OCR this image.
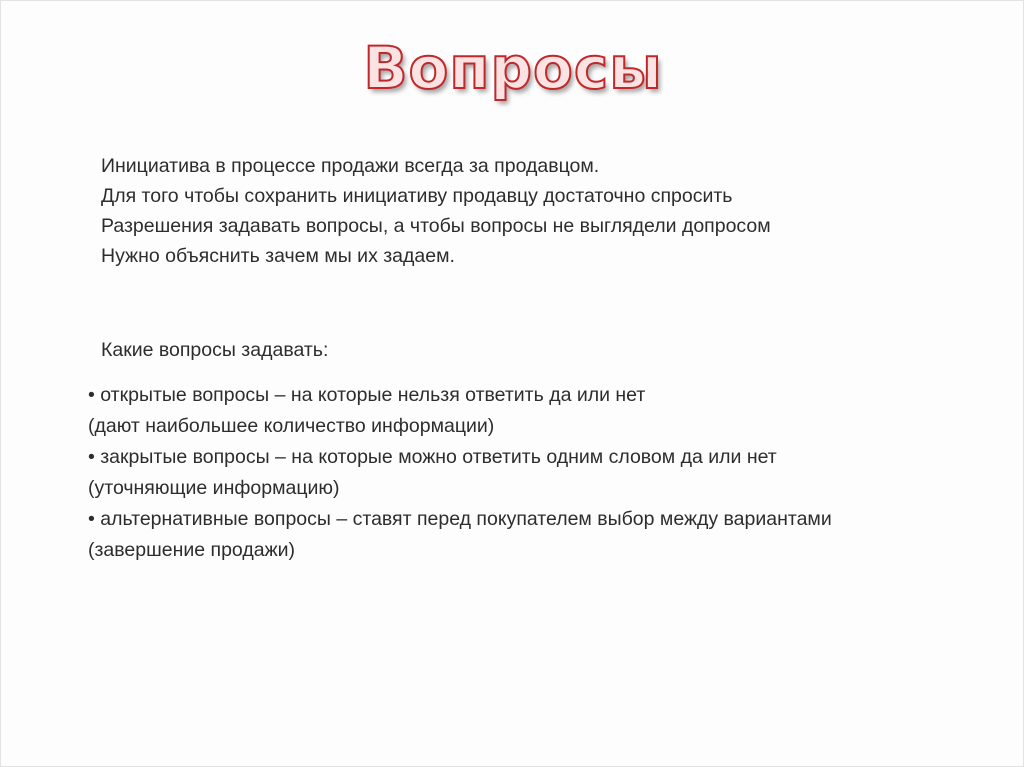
Вопросы
Инициатива в процессе продажи всегда за продавцом.
Для того чтобы сохранить инициативу продавцу достаточно спросить
Разрешения задавать вопросы, а чтобы вопросы не выглядели допросом
Нужно объяснить зачем мы их задаем.
Какие вопросы задавать:
• открытые вопросы – на которые нельзя ответить да или нет
(дают наибольшее количество информации)
• закрытые вопросы – на которые можно ответить одним словом да или нет
(уточняющие информацию)
• альтернативные вопросы – ставят перед покупателем выбор между вариантами
(завершение продажи)
